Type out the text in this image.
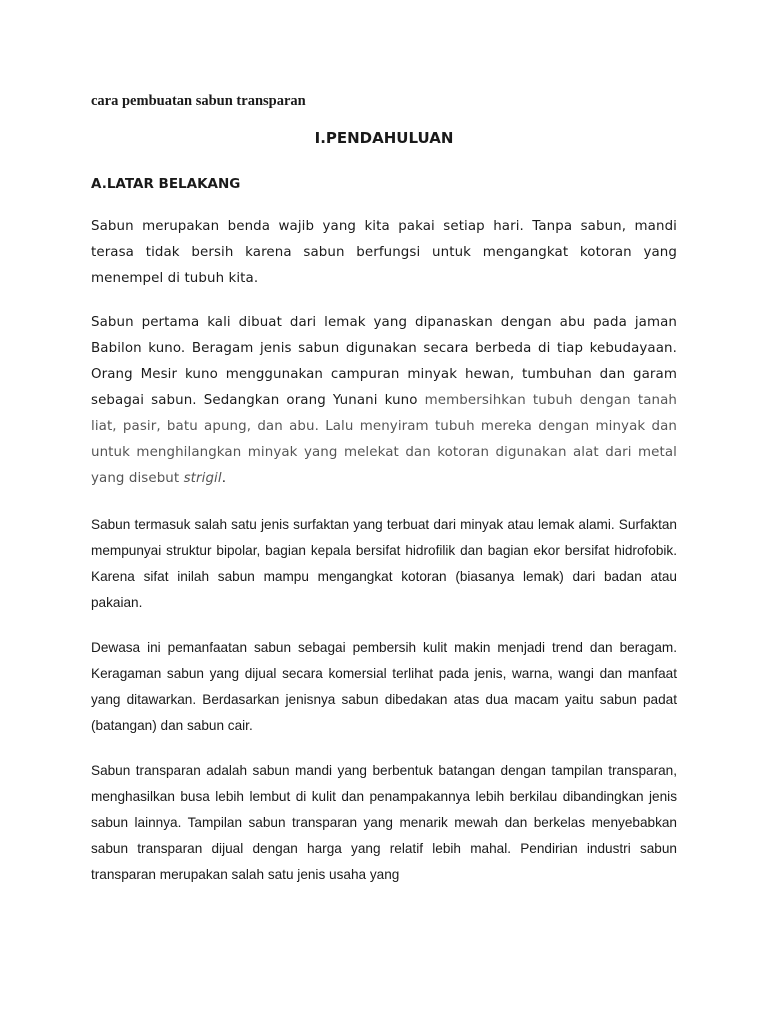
cara pembuatan sabun transparan
I.PENDAHULUAN
A.LATAR BELAKANG

Sabun merupakan benda wajib yang kita pakai setiap hari. Tanpa sabun, mandi terasa tidak bersih karena sabun berfungsi untuk mengangkat kotoran yang menempel di tubuh kita.

Sabun pertama kali dibuat dari lemak yang dipanaskan dengan abu pada jaman Babilon kuno. Beragam jenis sabun digunakan secara berbeda di tiap kebudayaan. Orang Mesir kuno menggunakan campuran minyak hewan, tumbuhan dan garam sebagai sabun. Sedangkan orang Yunani kuno membersihkan tubuh dengan tanah liat, pasir, batu apung, dan abu. Lalu menyiram tubuh mereka dengan minyak dan untuk menghilangkan minyak yang melekat dan kotoran digunakan alat dari metal yang disebut strigil.

Sabun termasuk salah satu jenis surfaktan yang terbuat dari minyak atau lemak alami. Surfaktan mempunyai struktur bipolar, bagian kepala bersifat hidrofilik dan bagian ekor bersifat hidrofobik. Karena sifat inilah sabun mampu mengangkat kotoran (biasanya lemak) dari badan atau pakaian.

Dewasa ini pemanfaatan sabun sebagai pembersih kulit makin menjadi trend dan beragam. Keragaman sabun yang dijual secara komersial terlihat pada jenis, warna, wangi dan manfaat yang ditawarkan. Berdasarkan jenisnya sabun dibedakan atas dua macam yaitu sabun padat (batangan) dan sabun cair.

Sabun transparan adalah sabun mandi yang berbentuk batangan dengan tampilan transparan, menghasilkan busa lebih lembut di kulit dan penampakannya lebih berkilau dibandingkan jenis sabun lainnya. Tampilan sabun transparan yang menarik mewah dan berkelas menyebabkan sabun transparan dijual dengan harga yang relatif lebih mahal. Pendirian industri sabun transparan merupakan salah satu jenis usaha yang
